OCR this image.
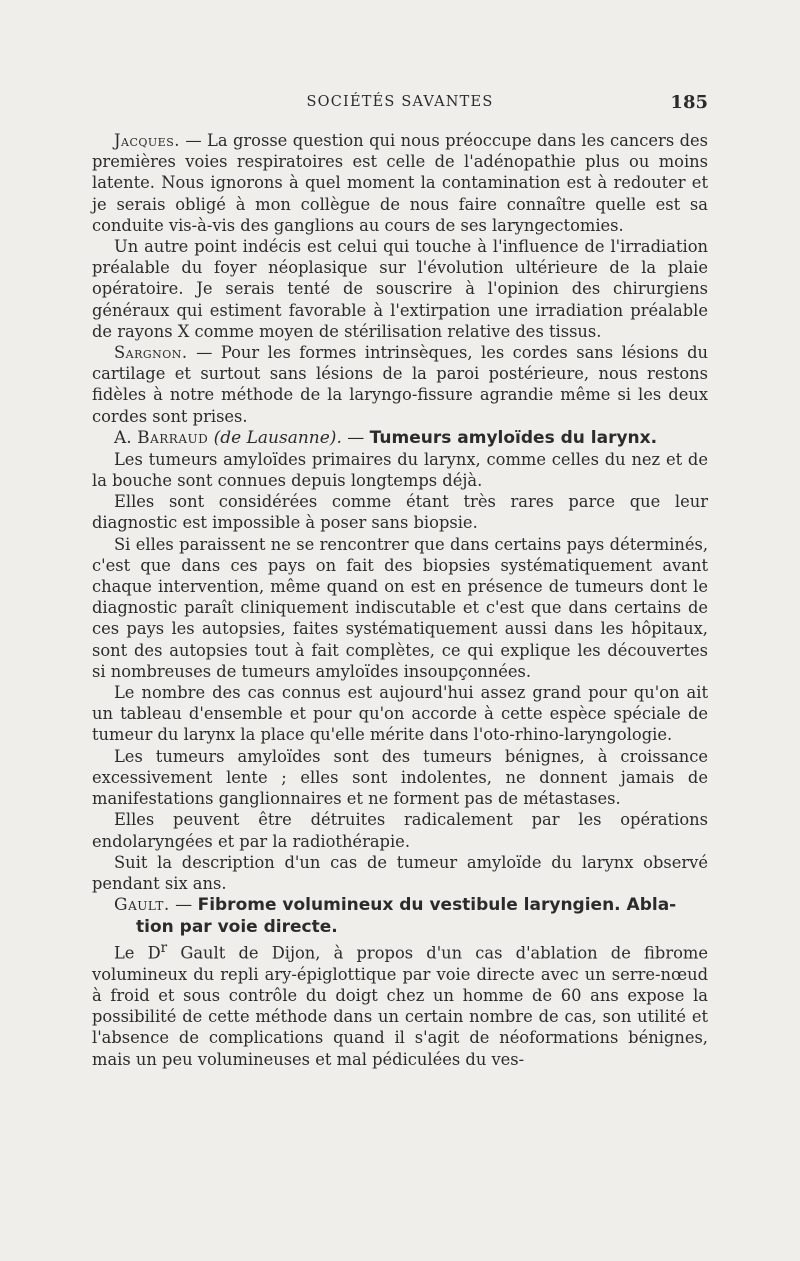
SOCIÉTÉS SAVANTES	185

Jacques. — La grosse question qui nous préoccupe dans les cancers des premières voies respiratoires est celle de l'adénopathie plus ou moins latente. Nous ignorons à quel moment la contamination est à redouter et je serais obligé à mon collègue de nous faire connaître quelle est sa conduite vis-à-vis des ganglions au cours de ses laryngectomies.

Un autre point indécis est celui qui touche à l'influence de l'irradiation préalable du foyer néoplasique sur l'évolution ultérieure de la plaie opératoire. Je serais tenté de souscrire à l'opinion des chirurgiens généraux qui estiment favorable à l'extirpation une irradiation préalable de rayons X comme moyen de stérilisation relative des tissus.

Sargnon. — Pour les formes intrinsèques, les cordes sans lésions du cartilage et surtout sans lésions de la paroi postérieure, nous restons fidèles à notre méthode de la laryngo-fissure agrandie même si les deux cordes sont prises.

A. Barraud (de Lausanne). — Tumeurs amyloïdes du larynx.

Les tumeurs amyloïdes primaires du larynx, comme celles du nez et de la bouche sont connues depuis longtemps déjà.

Elles sont considérées comme étant très rares parce que leur diagnostic est impossible à poser sans biopsie.

Si elles paraissent ne se rencontrer que dans certains pays déterminés, c'est que dans ces pays on fait des biopsies systématiquement avant chaque intervention, même quand on est en présence de tumeurs dont le diagnostic paraît cliniquement indiscutable et c'est que dans certains de ces pays les autopsies, faites systématiquement aussi dans les hôpitaux, sont des autopsies tout à fait complètes, ce qui explique les découvertes si nombreuses de tumeurs amyloïdes insoupçonnées.

Le nombre des cas connus est aujourd'hui assez grand pour qu'on ait un tableau d'ensemble et pour qu'on accorde à cette espèce spéciale de tumeur du larynx la place qu'elle mérite dans l'oto-rhino-laryngologie.

Les tumeurs amyloïdes sont des tumeurs bénignes, à croissance excessivement lente ; elles sont indolentes, ne donnent jamais de manifestations ganglionnaires et ne forment pas de métastases.

Elles peuvent être détruites radicalement par les opérations endolaryngées et par la radiothérapie.

Suit la description d'un cas de tumeur amyloïde du larynx observé pendant six ans.

Gault. — Fibrome volumineux du vestibule laryngien. Abla-
tion par voie directe.

Le $D^r$ Gault de Dijon, à propos d'un cas d'ablation de fibrome volumineux du repli ary-épiglottique par voie directe avec un serre-nœud à froid et sous contrôle du doigt chez un homme de 60 ans expose la possibilité de cette méthode dans un certain nombre de cas, son utilité et l'absence de complications quand il s'agit de néoformations bénignes, mais un peu volumineuses et mal pédiculées du ves-
